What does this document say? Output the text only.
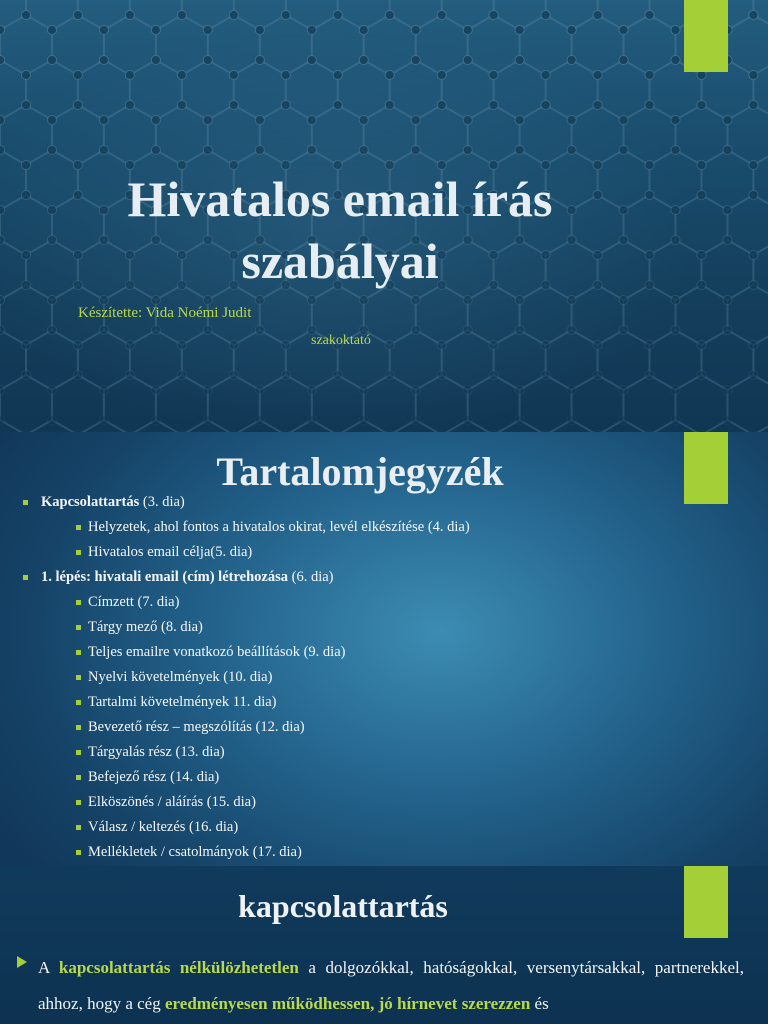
Hivatalos email írás
szabályai
Készítette: Vida Noémi Judit
szakoktató
Tartalomjegyzék
Kapcsolattartás (3. dia)
Helyzetek, ahol fontos a hivatalos okirat, levél elkészítése (4. dia)
Hivatalos email célja(5. dia)
1. lépés: hivatali email (cím) létrehozása (6. dia)
Címzett (7. dia)
Tárgy mező (8. dia)
Teljes emailre vonatkozó beállítások (9. dia)
Nyelvi követelmények (10. dia)
Tartalmi követelmények 11. dia)
Bevezető rész – megszólítás (12. dia)
Tárgyalás rész (13. dia)
Befejező rész (14. dia)
Elköszönés / aláírás (15. dia)
Válasz / keltezés (16. dia)
Mellékletek / csatolmányok (17. dia)
kapcsolattartás
A kapcsolattartás nélkülözhetetlen a dolgozókkal, hatóságokkal, versenytársakkal, partnerekkel, ahhoz, hogy a cég eredményesen működhessen, jó hírnevet szerezzen és
